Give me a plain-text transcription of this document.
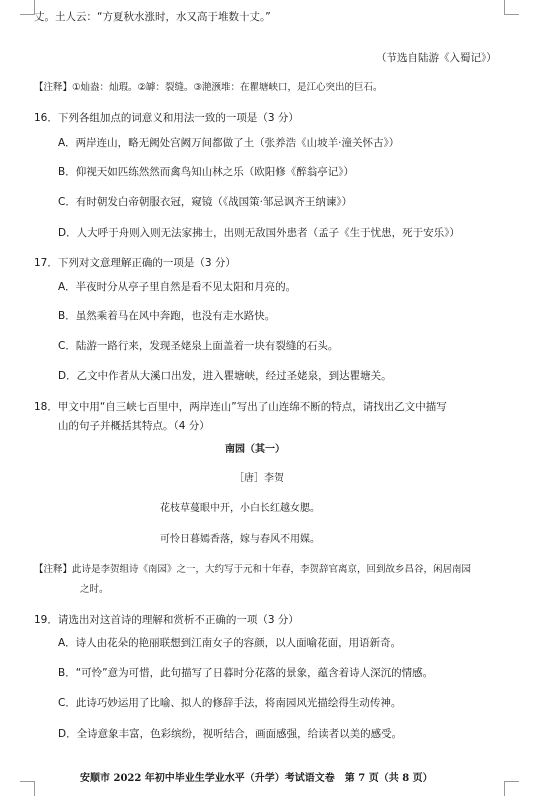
丈。土人云：“方夏秋水涨时，水又高于堆数十丈。”
（节选自陆游《入蜀记》）
【注释】①灿盎：灿瑕。②罅：裂缝。③滟滪堆：在瞿塘峡口，是江心突出的巨石。
16．下列各组加点的词意义和用法一致的一项是（3 分）
A．两岸连山，略无阙处宫阙万间都做了土（张养浩《山坡羊·潼关怀古》）
B．仰视天如匹练然然而禽鸟知山林之乐（欧阳修《醉翁亭记》）
C．有时朝发白帝朝服衣冠，窥镜（《战国策·邹忌讽齐王纳谏》）
D．人大呼于舟则入则无法家拂士，出则无敌国外患者（孟子《生于忧患，死于安乐》）
17．下列对文意理解正确的一项是（3 分）
A．半夜时分从亭子里自然是看不见太阳和月亮的。
B．虽然乘着马在风中奔跑，也没有走水路快。
C．陆游一路行来，发现圣姥泉上面盖着一块有裂缝的石头。
D．乙文中作者从大溪口出发，进入瞿塘峡，经过圣姥泉，到达瞿塘关。
18．甲文中用“自三峡七百里中，两岸连山”写出了山连绵不断的特点，请找出乙文中描写
山的句子并概括其特点。（4 分）
南园（其一）
［唐］李贺
花枝草蔓眼中开，小白长红越女腮。
可怜日暮嫣香落，嫁与春风不用媒。
【注释】此诗是李贺组诗《南园》之一，大约写于元和十年春，李贺辞官离京，回到故乡昌谷，闲居南园
之时。
19．请选出对这首诗的理解和赏析不正确的一项（3 分）
A．诗人由花朵的艳丽联想到江南女子的容颜，以人面喻花面，用语新奇。
B．“可怜”意为可惜，此句描写了日暮时分花落的景象，蕴含着诗人深沉的情感。
C．此诗巧妙运用了比喻、拟人的修辞手法，将南园风光描绘得生动传神。
D．全诗意象丰富，色彩缤纷，视听结合，画面感强，给读者以美的感受。
安顺市 2022 年初中毕业生学业水平（升学）考试语文卷　第 7 页（共 8 页）
